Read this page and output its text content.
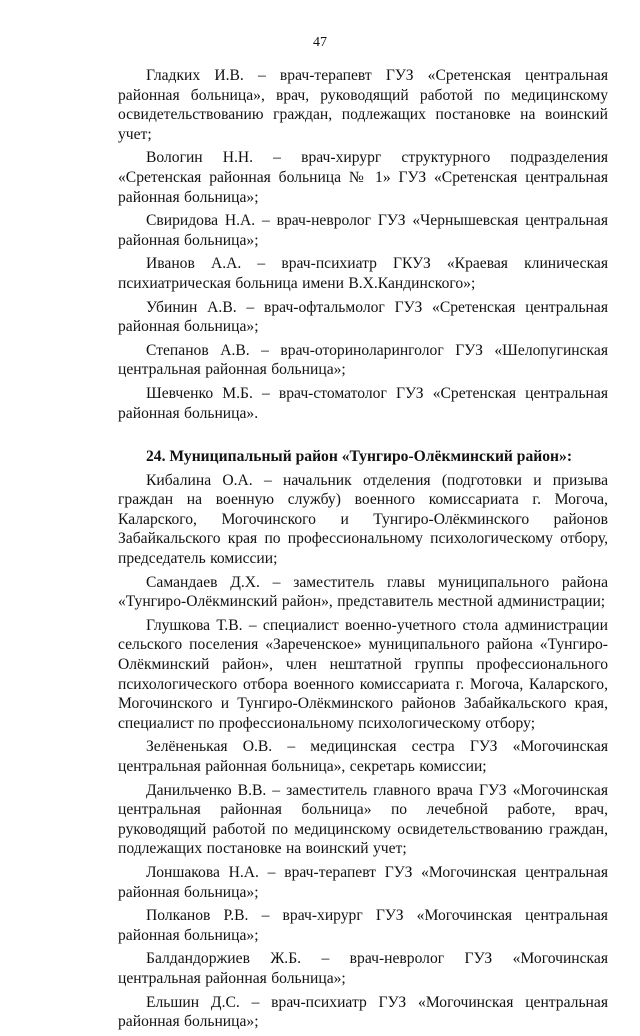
47

Гладких И.В. – врач-терапевт ГУЗ «Сретенская центральная районная больница», врач, руководящий работой по медицинскому освидетельствованию граждан, подлежащих постановке на воинский учет;

Вологин Н.Н. – врач-хирург структурного подразделения «Сретенская районная больница № 1» ГУЗ «Сретенская центральная районная больница»;

Свиридова Н.А. – врач-невролог ГУЗ «Чернышевская центральная районная больница»;

Иванов А.А. – врач-психиатр ГКУЗ «Краевая клиническая психиатрическая больница имени В.Х.Кандинского»;

Убинин А.В. – врач-офтальмолог ГУЗ «Сретенская центральная районная больница»;

Степанов А.В. – врач-оториноларинголог ГУЗ «Шелопугинская центральная районная больница»;

Шевченко М.Б. – врач-стоматолог ГУЗ «Сретенская центральная районная больница».

24. Муниципальный район «Тунгиро-Олёкминский район»:

Кибалина О.А. – начальник отделения (подготовки и призыва граждан на военную службу) военного комиссариата г. Могоча, Каларского, Могочинского и Тунгиро-Олёкминского районов Забайкальского края по профессиональному психологическому отбору, председатель комиссии;

Самандаев Д.Х. – заместитель главы муниципального района «Тунгиро-Олёкминский район», представитель местной администрации;

Глушкова Т.В. – специалист военно-учетного стола администрации сельского поселения «Зареченское» муниципального района «Тунгиро-Олёкминский район», член нештатной группы профессионального психологического отбора военного комиссариата г. Могоча, Каларского, Могочинского и Тунгиро-Олёкминского районов Забайкальского края, специалист по профессиональному психологическому отбору;

Зелёненькая О.В. – медицинская сестра ГУЗ «Могочинская центральная районная больница», секретарь комиссии;

Данильченко В.В. – заместитель главного врача ГУЗ «Могочинская центральная районная больница» по лечебной работе, врач, руководящий работой по медицинскому освидетельствованию граждан, подлежащих постановке на воинский учет;

Лоншакова Н.А. – врач-терапевт ГУЗ «Могочинская центральная районная больница»;

Полканов Р.В. – врач-хирург ГУЗ «Могочинская центральная районная больница»;

Балдандоржиев Ж.Б. – врач-невролог ГУЗ «Могочинская центральная районная больница»;

Ельшин Д.С. – врач-психиатр ГУЗ «Могочинская центральная районная больница»;
